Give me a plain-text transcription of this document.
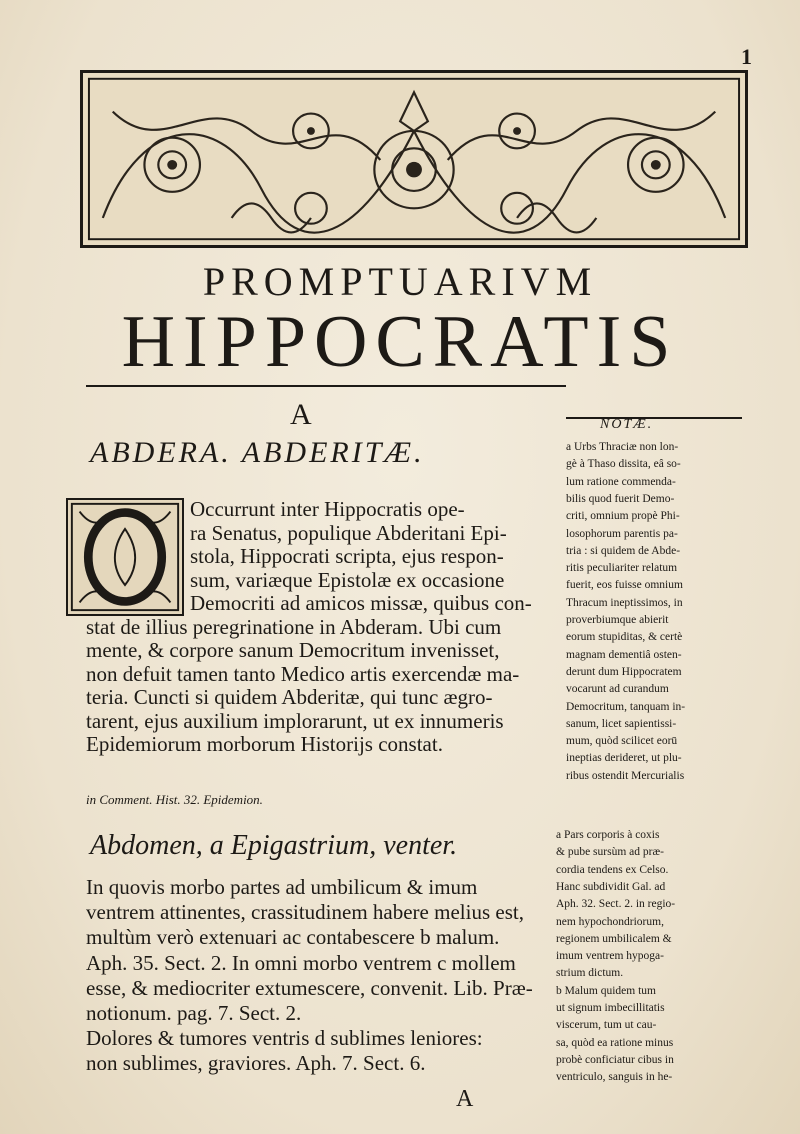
1
PROMPTUARIVM
HIPPOCRATIS
A	NOTÆ.
ABDERA. ABDERITÆ.
in Comment. Hist. 32. Epidemion.
Abdomen, a Epigastrium, venter.
A
Occurrunt inter Hippocratis ope-
ra Senatus, populique Abderitani Epi-
stola, Hippocrati scripta, ejus respon-
sum, variæque Epistolæ ex occasione
Democriti ad amicos missæ, quibus con-
stat de illius peregrinatione in Abderam. Ubi cum
mente, & corpore sanum Democritum invenisset,
non defuit tamen tanto Medico artis exercendæ ma-
teria. Cuncti si quidem Abderitæ, qui tunc ægro-
tarent, ejus auxilium implorarunt, ut ex innumeris
Epidemiorum morborum Historijs constat.
a Urbs Thraciæ non lon-
gè à Thaso dissita, eâ so-
lum ratione commenda-
bilis quod fuerit Demo-
criti, omnium propè Phi-
losophorum parentis pa-
tria : si quidem de Abde-
ritis peculiariter relatum
fuerit, eos fuisse omnium
Thracum ineptissimos, in
proverbiumque abierit
eorum stupiditas, & certè
magnam dementiâ osten-
derunt dum Hippocratem
vocarunt ad curandum
Democritum, tanquam in-
sanum, licet sapientissi-
mum, quòd scilicet eorū
ineptias derideret, ut plu-
ribus ostendit Mercurialis
In quovis morbo partes ad umbilicum & imum
ventrem attinentes, crassitudinem habere melius est,
multùm verò extenuari ac contabescere b malum.
Aph. 35. Sect. 2. In omni morbo ventrem c mollem
esse, & mediocriter extumescere, convenit. Lib. Præ-
notionum. pag. 7. Sect. 2.
Dolores & tumores ventris d sublimes leniores:
non sublimes, graviores. Aph. 7. Sect. 6.
a Pars corporis à coxis
& pube sursùm ad præ-
cordia tendens ex Celso.
Hanc subdividit Gal. ad
Aph. 32. Sect. 2. in regio-
nem hypochondriorum,
regionem umbilicalem &
imum ventrem hypoga-
strium dictum.
b Malum quidem tum
ut signum imbecillitatis
viscerum, tum ut cau-
sa, quòd ea ratione minus
probè conficiatur cibus in
ventriculo, sanguis in he-
